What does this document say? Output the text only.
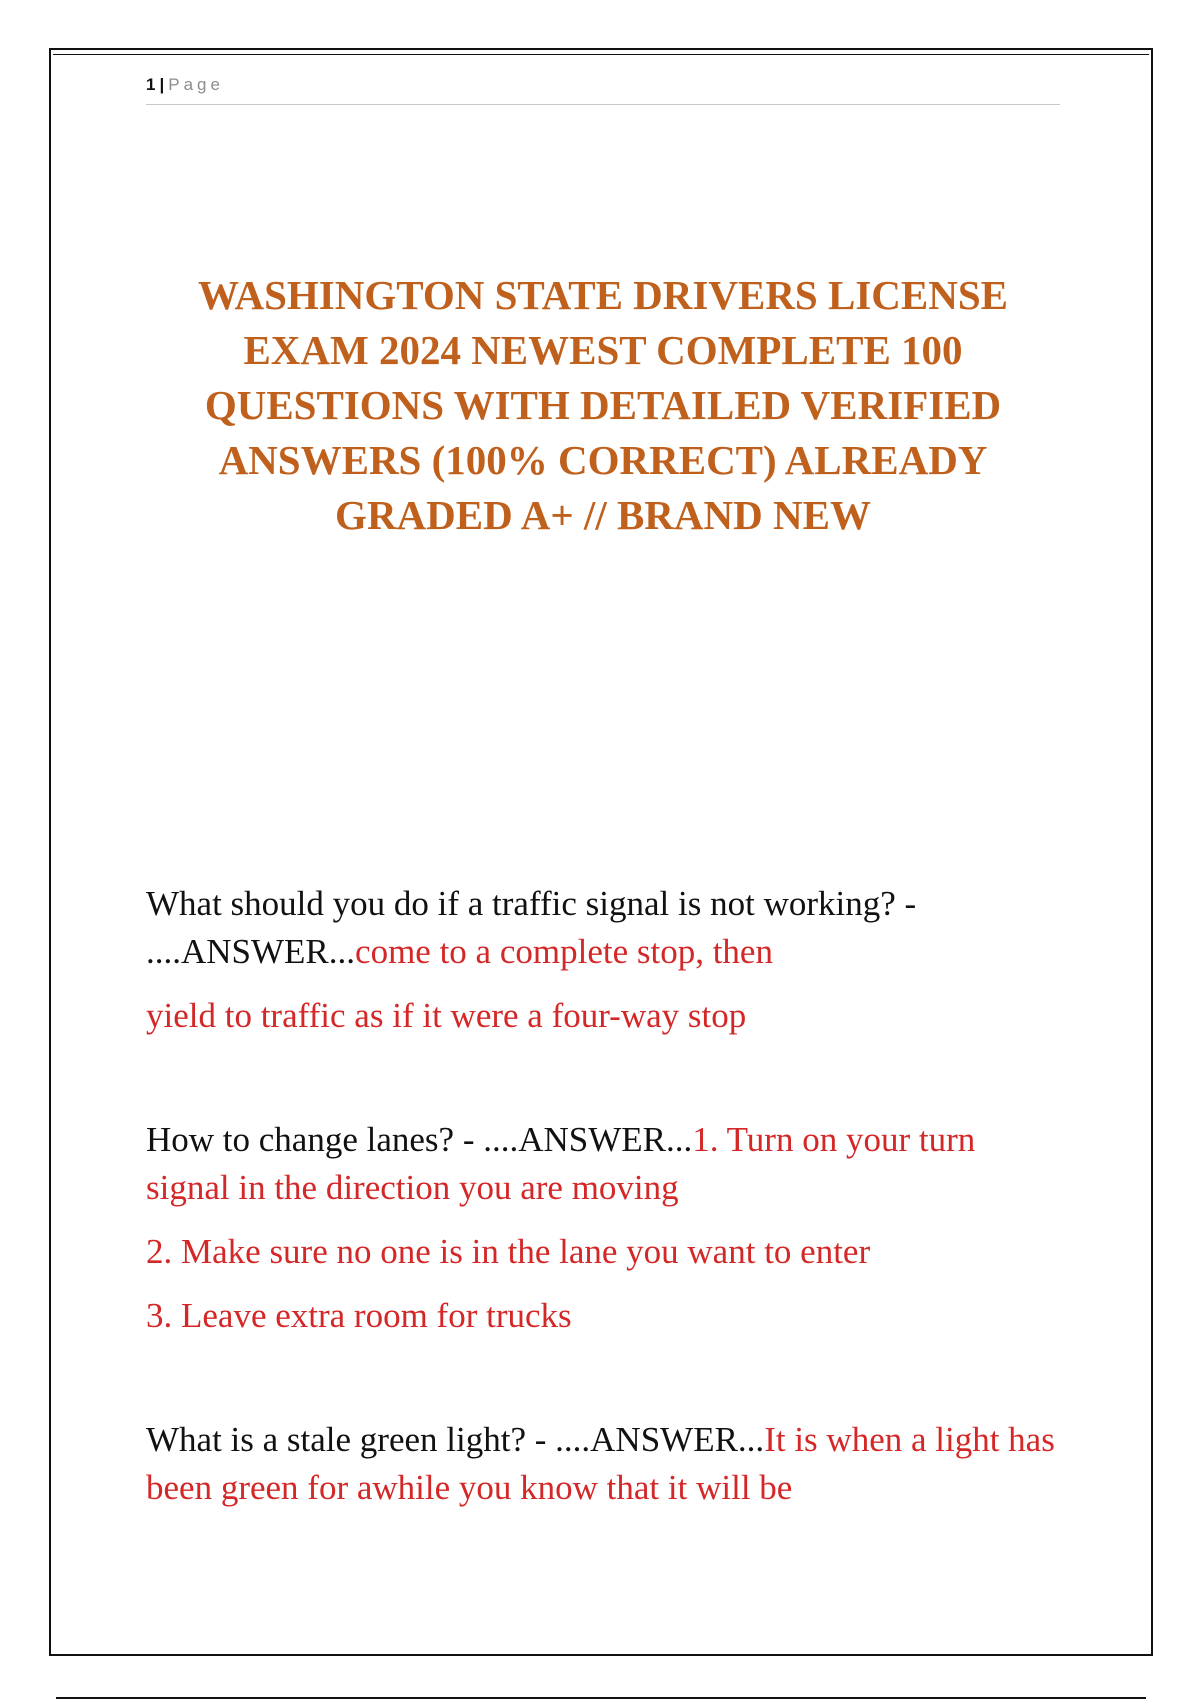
1 | Page
WASHINGTON STATE DRIVERS LICENSE
EXAM 2024 NEWEST COMPLETE 100
QUESTIONS WITH DETAILED VERIFIED
ANSWERS (100% CORRECT) ALREADY
GRADED A+ // BRAND NEW
What should you do if a traffic signal is not working? - ....ANSWER...come to a complete stop, then
yield to traffic as if it were a four-way stop
How to change lanes? - ....ANSWER...1. Turn on your turn signal in the direction you are moving
2. Make sure no one is in the lane you want to enter
3. Leave extra room for trucks
What is a stale green light? - ....ANSWER...It is when a light has been green for awhile you know that it will be
